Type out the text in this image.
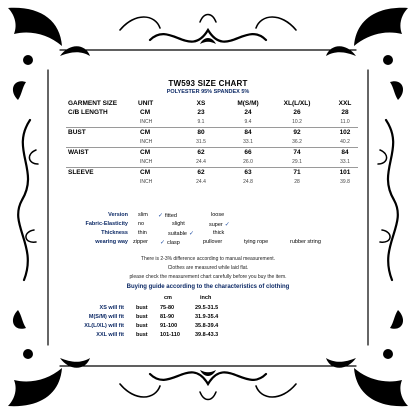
TW593 SIZE CHART
POLYESTER 95% SPANDEX 5%
GARMENT SIZE	UNIT	XS	M(S/M)	XL(L/XL)	XXL
C/B LENGTH	CM	23	24	26	28
INCH	9.1	9.4	10.2	11.0
BUST	CM	80	84	92	102
INCH	31.5	33.1	36.2	40.2
WAIST	CM	62	66	74	84
INCH	24.4	26.0	29.1	33.1
SLEEVE	CM	62	63	71	101
INCH	24.4	24.8	28	39.8
Version slim ✓ fitted	loose
Fabric-Elasticity no	slight	super ✓
Thickness thin	suitable ✓	thick
wearing way zipper ✓ clasp	pullover	tying rope	rubber string
There is 2-3% difference according to manual measurement.
Clothes are measured while laid flat.
please check the measurement chart carefully before you buy the item.
Buying guide according to the characteristics of clothing
cm	inch
XS will fit bust 75-80	29.5-31.5
M(S/M) will fit bust 81-90	31.9-35.4
XL(L/XL) will fit bust 91-100	35.8-39.4
XXL will fit bust 101-110	39.8-43.3
